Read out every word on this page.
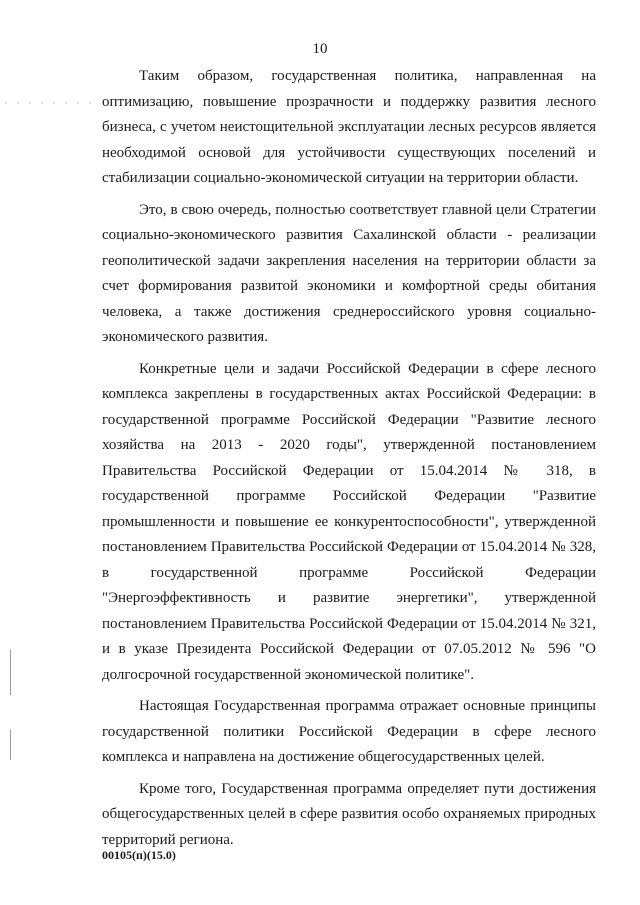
10

Таким образом, государственная политика, направленная на оптимизацию, повышение прозрачности и поддержку развития лесного бизнеса, с учетом неистощительной эксплуатации лесных ресурсов является необходимой основой для устойчивости существующих поселений и стабилизации социально-экономической ситуации на территории области.

Это, в свою очередь, полностью соответствует главной цели Стратегии социально-экономического развития Сахалинской области - реализации геополитической задачи закрепления населения на территории области за счет формирования развитой экономики и комфортной среды обитания человека, а также достижения среднероссийского уровня социально-экономического развития.

Конкретные цели и задачи Российской Федерации в сфере лесного комплекса закреплены в государственных актах Российской Федерации: в государственной программе Российской Федерации "Развитие лесного хозяйства на 2013 - 2020 годы", утвержденной постановлением Правительства Российской Федерации от 15.04.2014 № 318, в государственной программе Российской Федерации "Развитие промышленности и повышение ее конкурентоспособности", утвержденной постановлением Правительства Российской Федерации от 15.04.2014 № 328, в государственной программе Российской Федерации "Энергоэффективность и развитие энергетики", утвержденной постановлением Правительства Российской Федерации от 15.04.2014 № 321, и в указе Президента Российской Федерации от 07.05.2012 № 596 "О долгосрочной государственной экономической политике".

Настоящая Государственная программа отражает основные принципы государственной политики Российской Федерации в сфере лесного комплекса и направлена на достижение общегосударственных целей.

Кроме того, Государственная программа определяет пути достижения общегосударственных целей в сфере развития особо охраняемых природных территорий региона.

00105(п)(15.0)
